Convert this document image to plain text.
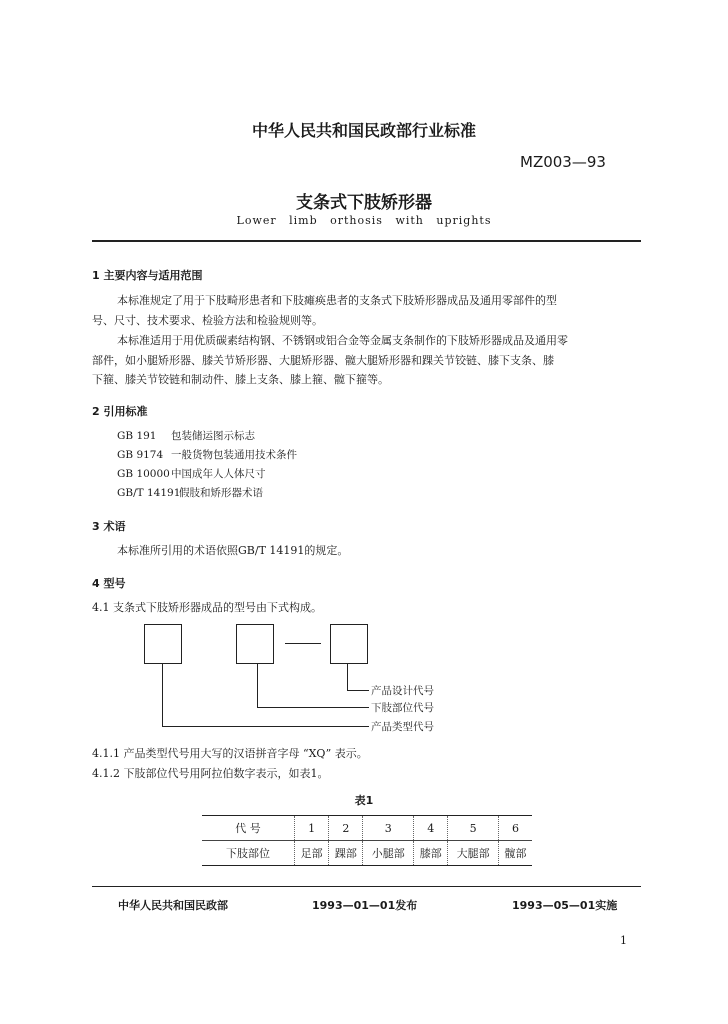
中华人民共和国民政部行业标准
MZ003—93
支条式下肢矫形器
Lower limb orthosis with uprights
1 主要内容与适用范围
本标准规定了用于下肢畸形患者和下肢瘫痪患者的支条式下肢矫形器成品及通用零部件的型
号、尺寸、技术要求、检验方法和检验规则等。
本标准适用于用优质碳素结构钢、不锈钢或铝合金等金属支条制作的下肢矫形器成品及通用零
部件，如小腿矫形器、膝关节矫形器、大腿矫形器、髋大腿矫形器和踝关节铰链、膝下支条、膝
下箍、膝关节铰链和制动件、膝上支条、膝上箍、髋下箍等。
2 引用标准
GB 191 包装储运图示标志
GB 9174 一般货物包装通用技术条件
GB 10000中国成年人人体尺寸
GB/T 14191假肢和矫形器术语
3 术语
本标准所引用的术语依照GB/T 14191的规定。
4 型号
4.1 支条式下肢矫形器成品的型号由下式构成。
产品设计代号
下肢部位代号
产品类型代号
4.1.1 产品类型代号用大写的汉语拼音字母 “XQ” 表示。
4.1.2 下肢部位代号用阿拉伯数字表示，如表1。
表1
代 号	1	2	3	4	5	6
下肢部位	足部	踝部	小腿部	膝部	大腿部	髋部
中华人民共和国民政部	1993—01—01发布	1993—05—01实施
1
